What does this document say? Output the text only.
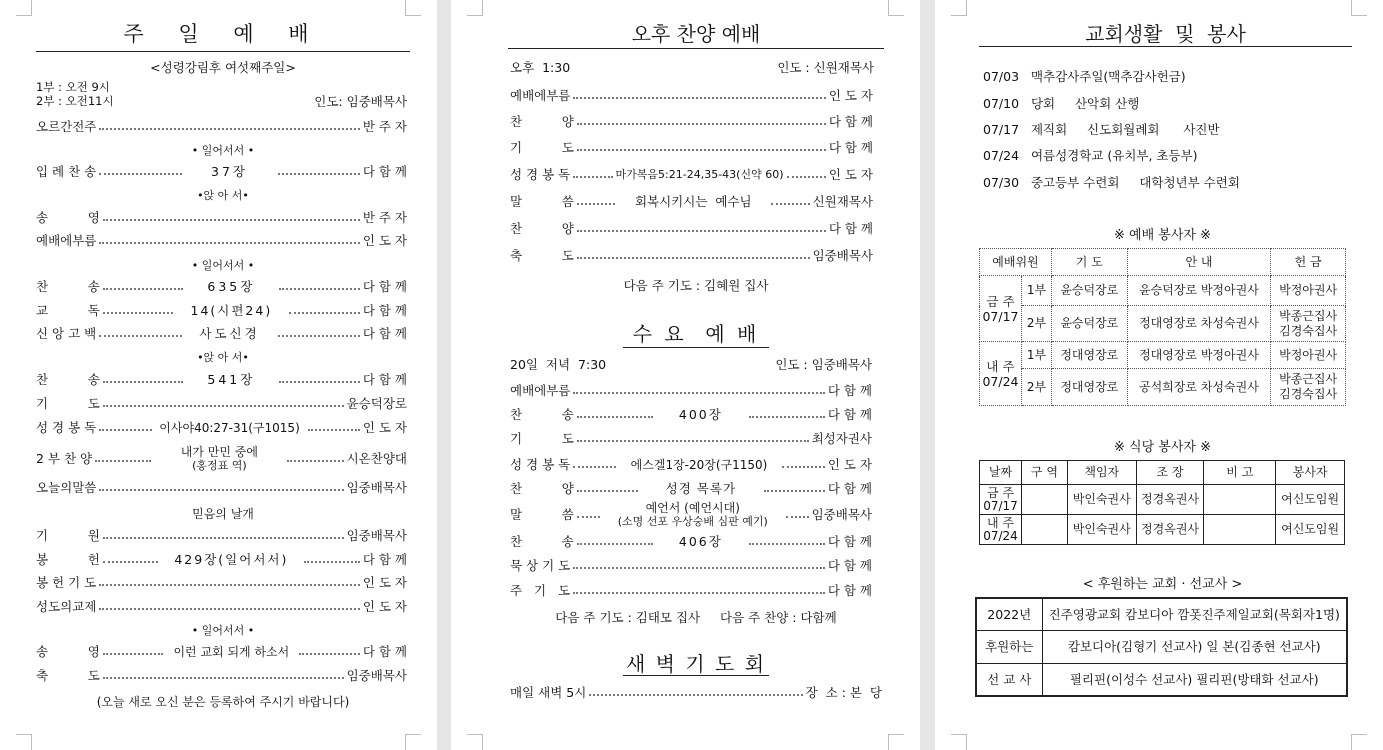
주 일 예 배
<성령강림후 여섯째주일>
1부 : 오전 9시
2부 : 오전11시	인도: 임중배목사
오르간전주	반 주 자
• 일어서서 •
입 례 찬 송	37장	다 함 께
•앉 아 서•
송          영	반 주 자
예배에부름	인 도 자
• 일어서서 •
찬          송	635장	다 함 께
교          독	14(시편24)	다 함 께
신 앙 고 백	사도신경	다 함 께
•앉 아 서•
찬          송	541장	다 함 께
기          도	윤승덕장로
성 경 봉 독	이사야40:27-31(구1015)	인 도 자
2 부 찬 양	내가 만민 중에
(홍정표 역)	시온찬양대
오늘의말씀	임중배목사
믿음의 날개
기          원	임중배목사
봉          헌	429장(일어서서)	다 함 께
봉 헌 기 도	인 도 자
성도의교제	인 도 자
• 일어서서 •
송          영	이런 교회 되게 하소서	다 함 께
축          도	임중배목사
(오늘 새로 오신 분은 등록하여 주시기 바랍니다)
오후 찬양 예배
오후  1:30	인도 : 신원재목사
예배에부름	인 도 자
찬          양	다 함 께
기          도	다 함 께
성 경 봉 독	마가복음5:21-24,35-43(신약 60)	인 도 자
말          씀	회복시키시는  예수님	신원재목사
찬          양	다 함 께
축          도	임중배목사
다음 주 기도 : 김혜원 집사
수 요  예 배
20일  저녁  7:30	인도 : 임중배목사
예배에부름	다 함 께
찬          송	400장	다 함 께
기          도	최성자권사
성 경 봉 독	에스겔1장-20장(구1150)	인 도 자
찬          양	성경 목록가	다 함 께
말          씀	예언서 (예언시대)
(소명 선포 우상숭배 심판 예기)	임중배목사
찬          송	406장	다 함 께
묵 상 기 도	다 함 께
주   기   도	다 함 께
다음 주 기도 : 김태모 집사     다음 주 찬양 : 다함께
새 벽 기 도 회
매일 새벽 5시	장  소 : 본  당
교회생활  및  봉사
07/03 맥추감사주일(맥추감사헌금)
07/10 당회     산악회 산행
07/17 제직회     신도회월례회      사진반
07/24 여름성경학교 (유치부, 초등부)
07/30 중고등부 수련회     대학청년부 수련회
※ 예배 봉사자 ※
예배위원		기 도	안 내	헌 금

금 주
07/17	1부	윤승덕장로	윤승덕장로 박정아권사	박정아권사
	2부	윤승덕장로	정대영장로 차성숙권사	박종근집사
김경숙집사

내 주
07/24	1부	정대영장로	정대영장로 박정아권사	박정아권사
	2부	정대영장로	공석희장로 차성숙권사	박종근집사
김경숙집사
※ 식당 봉사자 ※
날짜	구 역	책임자	조 장	비 고	봉사자

금 주
07/17		박인숙권사	정경옥권사		여신도임원

내 주
07/24		박인숙권사	정경옥권사		여신도임원
< 후원하는 교회 · 선교사 >
2022년	진주영광교회 캄보디아 깜폿진주제일교회(목회자1명)
후원하는	캄보디아(김형기 선교사) 일 본(김종현 선교사)
선 교 사	필리핀(이성수 선교사) 필리핀(방태화 선교사)
